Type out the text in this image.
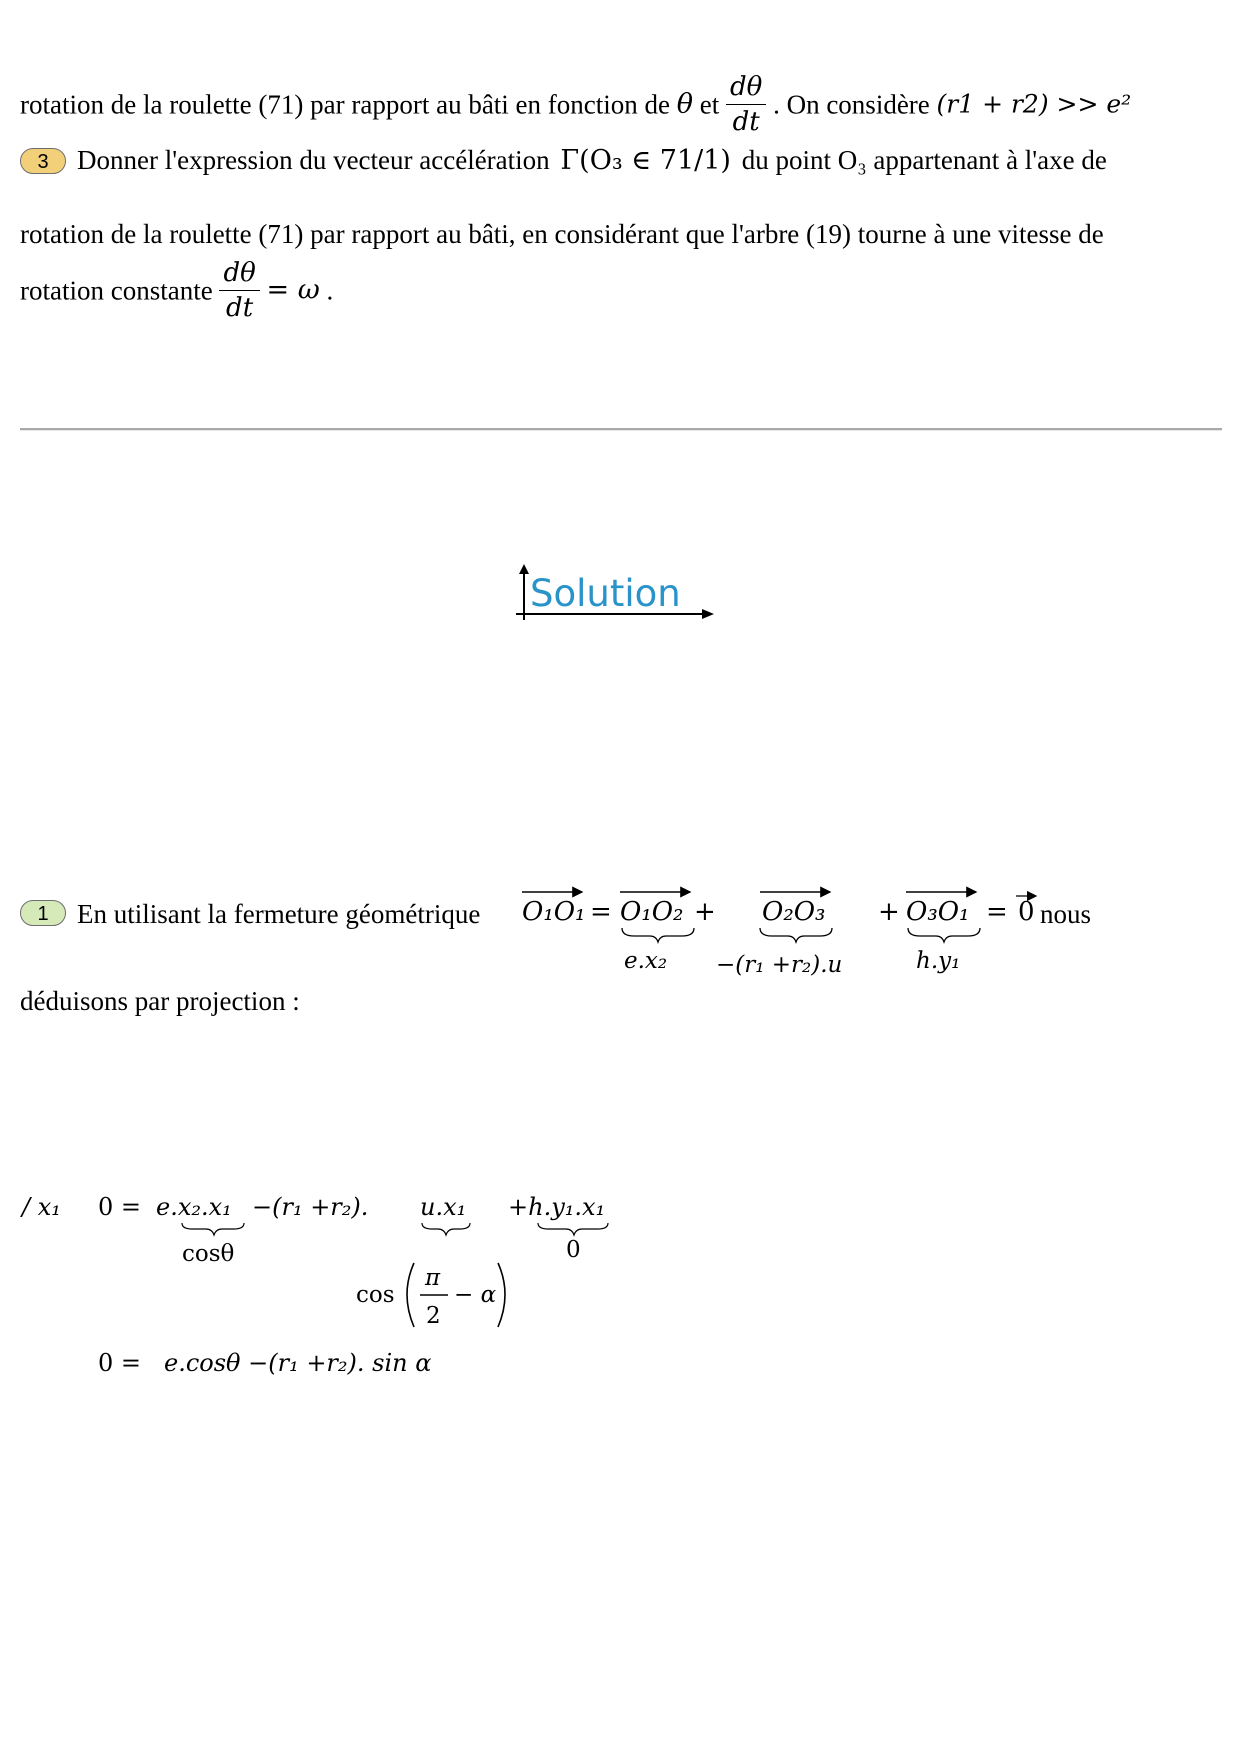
rotation de la roulette (71) par rapport au bâti en fonction de θ et $\frac{d\theta}{dt}$ . On considère (r1 + r2) >> e²
3	Donner l'expression du vecteur accélération Γ(O₃ ∈ 71/1) du point O₃ appartenant à l'axe de
rotation de la roulette (71) par rapport au bâti, en considérant que l'arbre (19) tourne à une vitesse de
rotation constante $\frac{d\theta}{dt} = \omega$ .
Solution
1	En utilisant la fermeture géométrique O₁O₁ = O₁O₂ +
e.x₂
O₂O₃
−(r₁ +r₂).u
+ O₃O₁
h.y₁
= 0 nous
déduisons par projection :
/ x₁ 0 = e.x₂.x₁
cosθ
−(r₁ +r₂). u.x₁
cos
π
2
− α
+h.y₁.x₁
0
0 = e.cosθ −(r₁ +r₂). sin α
